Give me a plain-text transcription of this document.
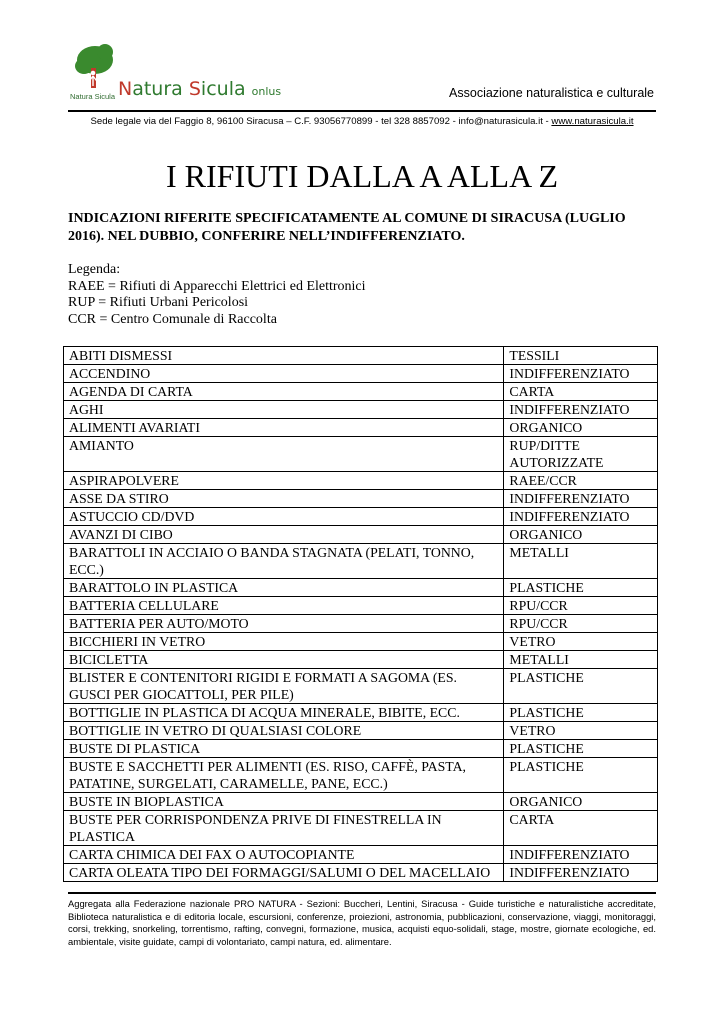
Natura Sicula Natura Sicula onlus	Associazione naturalistica e culturale
Sede legale via del Faggio 8, 96100 Siracusa – C.F. 93056770899 - tel 328 8857092 - info@naturasicula.it - www.naturasicula.it
I RIFIUTI DALLA A ALLA Z
INDICAZIONI RIFERITE SPECIFICATAMENTE AL COMUNE DI SIRACUSA (LUGLIO 2016). NEL DUBBIO, CONFERIRE NELL’INDIFFERENZIATO.
Legenda:
RAEE = Rifiuti di Apparecchi Elettrici ed Elettronici
RUP = Rifiuti Urbani Pericolosi
CCR = Centro Comunale di Raccolta
ABITI DISMESSI	TESSILI
ACCENDINO	INDIFFERENZIATO
AGENDA DI CARTA	CARTA
AGHI	INDIFFERENZIATO
ALIMENTI AVARIATI	ORGANICO
AMIANTO	RUP/DITTE AUTORIZZATE
ASPIRAPOLVERE	RAEE/CCR
ASSE DA STIRO	INDIFFERENZIATO
ASTUCCIO CD/DVD	INDIFFERENZIATO
AVANZI DI CIBO	ORGANICO
BARATTOLI IN ACCIAIO O BANDA STAGNATA (PELATI, TONNO, ECC.)	METALLI
BARATTOLO IN PLASTICA	PLASTICHE
BATTERIA CELLULARE	RPU/CCR
BATTERIA PER AUTO/MOTO	RPU/CCR
BICCHIERI IN VETRO	VETRO
BICICLETTA	METALLI
BLISTER E CONTENITORI RIGIDI E FORMATI A SAGOMA (ES. GUSCI PER GIOCATTOLI, PER PILE)	PLASTICHE
BOTTIGLIE IN PLASTICA DI ACQUA MINERALE, BIBITE, ECC.	PLASTICHE
BOTTIGLIE IN VETRO DI QUALSIASI COLORE	VETRO
BUSTE DI PLASTICA	PLASTICHE
BUSTE E SACCHETTI PER ALIMENTI (ES. RISO, CAFFÈ, PASTA, PATATINE, SURGELATI, CARAMELLE, PANE, ECC.)	PLASTICHE
BUSTE IN BIOPLASTICA	ORGANICO
BUSTE PER CORRISPONDENZA PRIVE DI FINESTRELLA IN PLASTICA	CARTA
CARTA CHIMICA DEI FAX O AUTOCOPIANTE	INDIFFERENZIATO
CARTA OLEATA TIPO DEI FORMAGGI/SALUMI O DEL MACELLAIO	INDIFFERENZIATO
Aggregata alla Federazione nazionale PRO NATURA - Sezioni: Buccheri, Lentini, Siracusa - Guide turistiche e naturalistiche accreditate, Biblioteca naturalistica e di editoria locale, escursioni, conferenze, proiezioni, astronomia, pubblicazioni, conservazione, viaggi, monitoraggi, corsi, trekking, snorkeling, torrentismo, rafting, convegni, formazione, musica, acquisti equo-solidali, stage, mostre, giornate ecologiche, ed. ambientale, visite guidate, campi di volontariato, campi natura, ed. alimentare.
